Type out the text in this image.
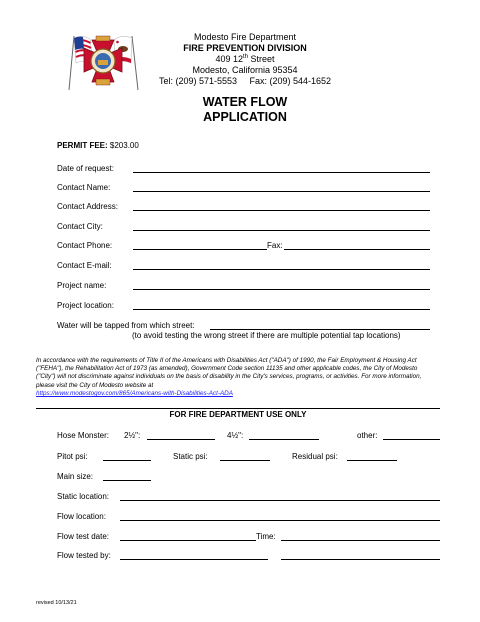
Modesto Fire Department
FIRE PREVENTION DIVISION
409 12th Street
Modesto, California 95354
Tel: (209) 571-5553     Fax: (209) 544-1652
WATER FLOW
APPLICATION
PERMIT FEE: $203.00
Date of request:
Contact Name:
Contact Address:
Contact City:
Contact Phone:	Fax:
Contact E-mail:
Project name:
Project location:
Water will be tapped from which street:
(to avoid testing the wrong street if there are multiple potential tap locations)
In accordance with the requirements of Title II of the Americans with Disabilities Act ("ADA") of 1990, the Fair Employment & Housing Act ("FEHA"), the Rehabilitation Act of 1973 (as amended), Government Code section 11135 and other applicable codes, the City of Modesto ("City") will not discriminate against individuals on the basis of disability in the City's services, programs, or activities. For more information, please visit the City of Modesto website at
https://www.modestogov.com/865/Americans-with-Disabilities-Act-ADA
FOR FIRE DEPARTMENT USE ONLY
Hose Monster: 2½":	4½":	other:
Pitot psi:	Static psi:	Residual psi:
Main size:
Static location:
Flow location:
Flow test date:	Time:
Flow tested by:
revised 10/13/21
